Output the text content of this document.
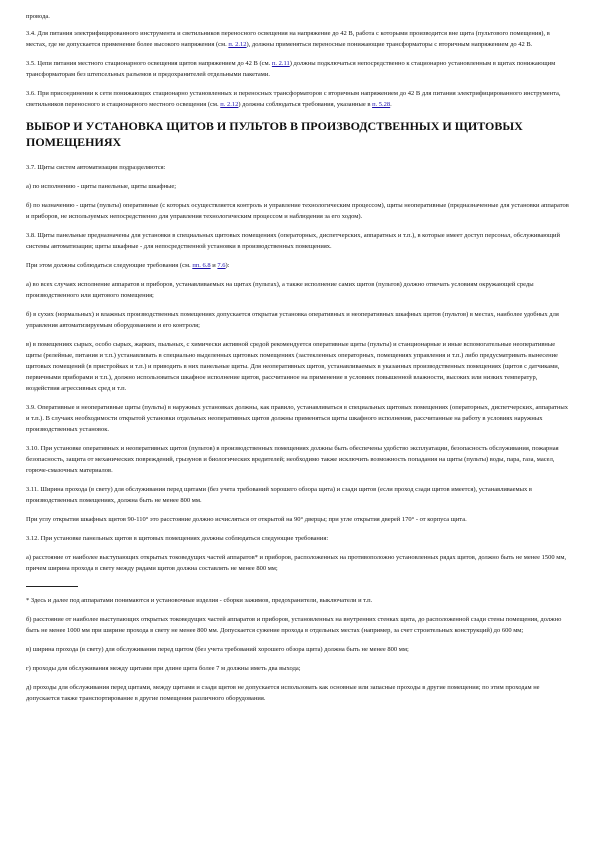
провода.

3.4. Для питания электрифицированного инструмента и светильников переносного освещения на напряжение до 42 В, работа с которыми производится вне щита (пультового помещения), в местах, где не допускается применение более высокого напряжения (см. п. 2.12), должны применяться переносные понижающие трансформаторы с вторичным напряжением до 42 В.

3.5. Цепи питания местного стационарного освещения щитов напряжением до 42 В (см. п. 2.11) должны подключаться непосредственно к стационарно установленным в щитах понижающим трансформаторам без штепсельных разъемов и предохранителей отдельными пакетами.

3.6. При присоединении к сети понижающих стационарно установленных и переносных трансформаторов с вторичным напряжением до 42 В для питания электрифицированного инструмента, светильников переносного и стационарного местного освещения (см. п. 2.12) должны соблюдаться требования, указанные в п. 5.28.

ВЫБОР И УСТАНОВКА ЩИТОВ И ПУЛЬТОВ В ПРОИЗВОДСТВЕННЫХ И ЩИТОВЫХ ПОМЕЩЕНИЯХ

3.7. Щиты систем автоматизации подразделяются:

а) по исполнению - щиты панельные, щиты шкафные;

б) по назначению - щиты (пульты) оперативные (с которых осуществляется контроль и управление технологическим процессом), щиты неоперативные (предназначенные для установки аппаратов и приборов, не используемых непосредственно для управления технологическим процессом и наблюдения за его ходом).

3.8. Щиты панельные предназначены для установки в специальных щитовых помещениях (операторных, диспетчерских, аппаратных и т.п.), в которые имеет доступ персонал, обслуживающий системы автоматизации; щиты шкафные - для непосредственной установки в производственных помещениях.

При этом должны соблюдаться следующие требования (см. пп. 6.8 и 7.6):

а) во всех случаях исполнение аппаратов и приборов, устанавливаемых на щитах (пультах), а также исполнение самих щитов (пультов) должно отвечать условиям окружающей среды производственного или щитового помещения;

б) в сухих (нормальных) и влажных производственных помещениях допускается открытая установка оперативных и неоперативных шкафных щитов (пультов) в местах, наиболее удобных для управления автоматизируемым оборудованием и его контроля;

в) в помещениях сырых, особо сырых, жарких, пыльных, с химически активной средой рекомендуется оперативные щиты (пульты) и станционарные и иные вспомогательные неоперативные щиты (релейные, питания и т.п.) устанавливать в специально выделенных щитовых помещениях (застекленных операторных, помещениях управления и т.п.) либо предусматривать вынесение щитовых помещений (в пристройках и т.п.) и приводить в них панельные щиты. Для неоперативных щитов, устанавливаемых в указанных производственных помещениях (щитов с датчиками, первичными приборами и т.п.), должно использоваться шкафное исполнение щитов, рассчитанное на применение в условиях повышенной влажности, высоких или низких температур, воздействия агрессивных сред и т.п.

3.9. Оперативные и неоперативные щиты (пульты) в наружных установках должны, как правило, устанавливаться в специальных щитовых помещениях (операторных, диспетчерских, аппаратных и т.п.). В случаях необходимости открытой установки отдельных неоперативных щитов должны применяться щиты шкафного исполнения, рассчитанные на работу в условиях наружных производственных установок.

3.10. При установке оперативных и неоперативных щитов (пультов) в производственных помещениях должны быть обеспечены удобство эксплуатации, безопасность обслуживания, пожарная безопасность, защита от механических повреждений, грызунов и биологических вредителей; необходимо также исключить возможность попадания на щиты (пульты) воды, пара, газа, масел, горюче-смазочных материалов.

3.11. Ширина прохода (в свету) для обслуживания перед щитами (без учета требований хорошего обзора щита) и сзади щитов (если проход сзади щитов имеется), устанавливаемых в производственных помещениях, должна быть не менее 800 мм.

При углу открытия шкафных щитов 90-110° это расстояние должно исчисляться от открытой на 90° дверцы; при угле открытия дверей 170° - от корпуса щита.

3.12. При установке панельных щитов в щитовых помещениях должны соблюдаться следующие требования:

а) расстояние от наиболее выступающих открытых токоведущих частей аппаратов* и приборов, расположенных на противоположно установленных рядах щитов, должно быть не менее 1500 мм, причем ширина прохода в свету между рядами щитов должна составлять не менее 800 мм;

* Здесь и далее под аппаратами понимаются и установочные изделия - сборки зажимов, предохранители, выключатели и т.п.

б) расстояние от наиболее выступающих открытых токоведущих частей аппаратов и приборов, установленных на внутренних стенках щита, до расположенной сзади стены помещения, должно быть не менее 1000 мм при ширине прохода в свету не менее 800 мм. Допускается сужение прохода в отдельных местах (например, за счет строительных конструкций) до 600 мм;

в) ширина прохода (в свету) для обслуживания перед щитом (без учета требований хорошего обзора щита) должна быть не менее 800 мм;

г) проходы для обслуживания между щитами при длине щита более 7 м должны иметь два выхода;

д) проходы для обслуживания перед щитами, между щитами и сзади щитов не допускается использовать как основные или запасные проходы в другие помещения; по этим проходам не допускается также транспортирование в другие помещения различного оборудования.
